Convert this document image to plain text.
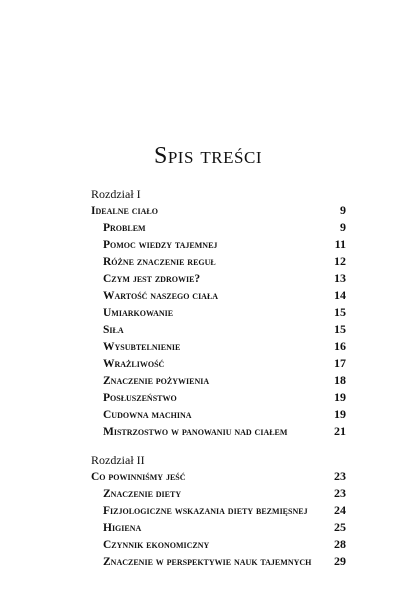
Spis treści
Rozdział I
Idealne ciało	9
Problem	9
Pomoc wiedzy tajemnej	11
Różne znaczenie reguł	12
Czym jest zdrowie?	13
Wartość naszego ciała	14
Umiarkowanie	15
Siła	15
Wysubtelnienie	16
Wrażliwość	17
Znaczenie pożywienia	18
Posłuszeństwo	19
Cudowna machina	19
Mistrzostwo w panowaniu nad ciałem	21
Rozdział II
Co powinniśmy jeść	23
Znaczenie diety	23
Fizjologiczne wskazania diety bezmięsnej 24
Higiena	25
Czynnik ekonomiczny	28
Znaczenie w perspektywie nauk tajemnych 29
